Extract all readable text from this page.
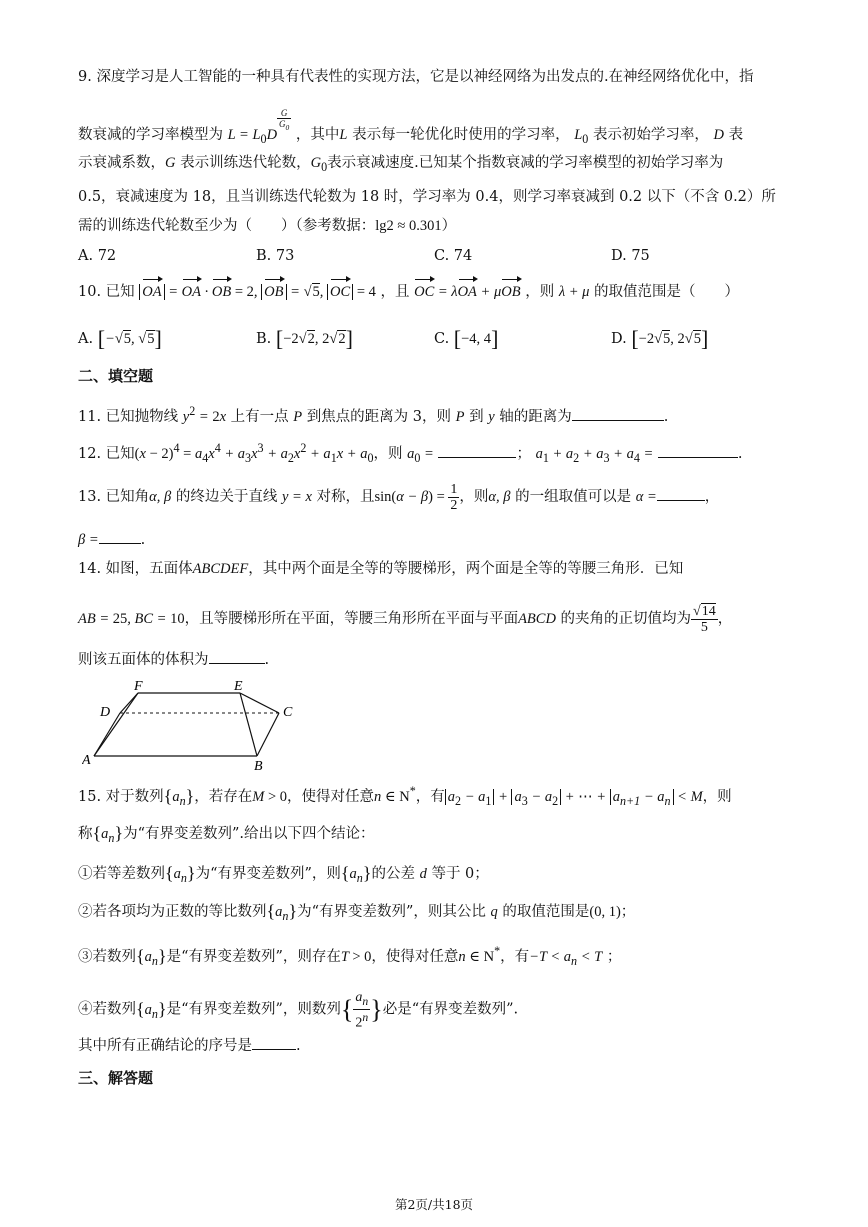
9. 深度学习是人工智能的一种具有代表性的实现方法，它是以神经网络为出发点的.在神经网络优化中，指
数衰减的学习率模型为 $L = L_0D$
$^{\frac{G}{G_0}}$
，其中L 表示每一轮优化时使用的学习率， $L_0$ 表示初始学习率， D 表
示衰减系数，G 表示训练迭代轮数，$G_0$表示衰减速度.已知某个指数衰减的学习率模型的初始学习率为
0.5，衰减速度为 18，且当训练迭代轮数为 18 时，学习率为 0.4，则学习率衰减到 0.2 以下（不含 0.2）所
需的训练迭代轮数至少为（　　）（参考数据：lg2 ≈ 0.301）
A. 72	B. 73	C. 74	D. 75
10. 已知 OA = OA · OB = 2, OB = √5, OC = 4 ，且 OC = λOA + μOB ，则 λ + μ 的取值范围是（　　）
A. [−√5, √5]	B. [−2√2, 2√2]	C. [−4, 4]	D. [−2√5, 2√5]
二、填空题
11. 已知抛物线 $y^2 = 2x$ 上有一点 P 到焦点的距离为 3，则 P 到 y 轴的距离为	.
12. 已知$(x - 2)^4 = a_4x^4 + a_3x^3 + a_2x^2 + a_1x + a_0$，则 $a_0$ =	； $a_1 + a_2 + a_3 + a_4$ =	.
13. 已知角α, β 的终边关于直线 y = x 对称，且$\sin(\alpha - \beta) = \frac{1}{2}$ ，则α, β 的一组取值可以是 α =	，
β =	.
14. 如图，五面体ABCDEF，其中两个面是全等的等腰梯形，两个面是全等的等腰三角形．已知
AB = 25, BC = 10，且等腰梯形所在平面，等腰三角形所在平面与平面ABCD 的夹角的正切值均为 $\frac{√14}{5}$ ，
则该五面体的体积为	.
F	E
D	C
A	B
15. 对于数列$\{a_n\}$，若存在M > 0，使得对任意n ∈ N*，有 $a_2 - a_1 + a_3 - a_2$ + ⋯ + $a_{n+1} - a_n < M$，则
称$\{a_n\}$为“有界变差数列”.给出以下四个结论：
①若等差数列$\{a_n\}$为“有界变差数列”，则$\{a_n\}$的公差 d 等于 0；
②若各项均为正数的等比数列$\{a_n\}$为“有界变差数列”，则其公比 q 的取值范围是(0, 1)；
③若数列$\{a_n\}$是“有界变差数列”，则存在T > 0，使得对任意n ∈ N*，有$-T < a_n < T$ ；
④若数列$\{a_n\}$是“有界变差数列”，则数列{ $\frac{a_n}{2^n}$ }必是“有界变差数列”.
其中所有正确结论的序号是	.
三、解答题
第2页/共18页
